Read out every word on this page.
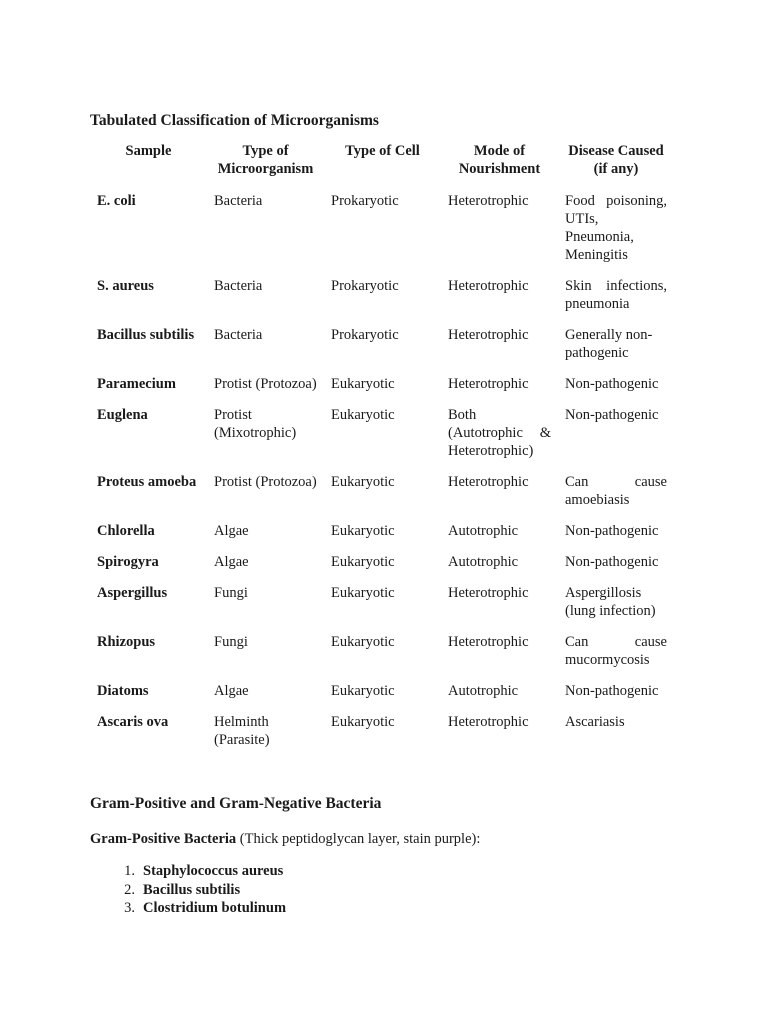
Tabulated Classification of Microorganisms
Sample	Type of Microorganism	Type of Cell	Mode of Nourishment	Disease Caused (if any)
E. coli	Bacteria	Prokaryotic	Heterotrophic	Food poisoning, UTIs, Pneumonia, Meningitis
S. aureus	Bacteria	Prokaryotic	Heterotrophic	Skin infections, pneumonia
Bacillus subtilis	Bacteria	Prokaryotic	Heterotrophic	Generally non-pathogenic
Paramecium	Protist (Protozoa)	Eukaryotic	Heterotrophic	Non-pathogenic
Euglena	Protist (Mixotrophic)	Eukaryotic	Both (Autotrophic & Heterotrophic)	Non-pathogenic
Proteus amoeba	Protist (Protozoa)	Eukaryotic	Heterotrophic	Can cause amoebiasis
Chlorella	Algae	Eukaryotic	Autotrophic	Non-pathogenic
Spirogyra	Algae	Eukaryotic	Autotrophic	Non-pathogenic
Aspergillus	Fungi	Eukaryotic	Heterotrophic	Aspergillosis (lung infection)
Rhizopus	Fungi	Eukaryotic	Heterotrophic	Can cause mucormycosis
Diatoms	Algae	Eukaryotic	Autotrophic	Non-pathogenic
Ascaris ova	Helminth (Parasite)	Eukaryotic	Heterotrophic	Ascariasis
Gram-Positive and Gram-Negative Bacteria

Gram-Positive Bacteria (Thick peptidoglycan layer, stain purple):

1. Staphylococcus aureus
2. Bacillus subtilis
3. Clostridium botulinum
